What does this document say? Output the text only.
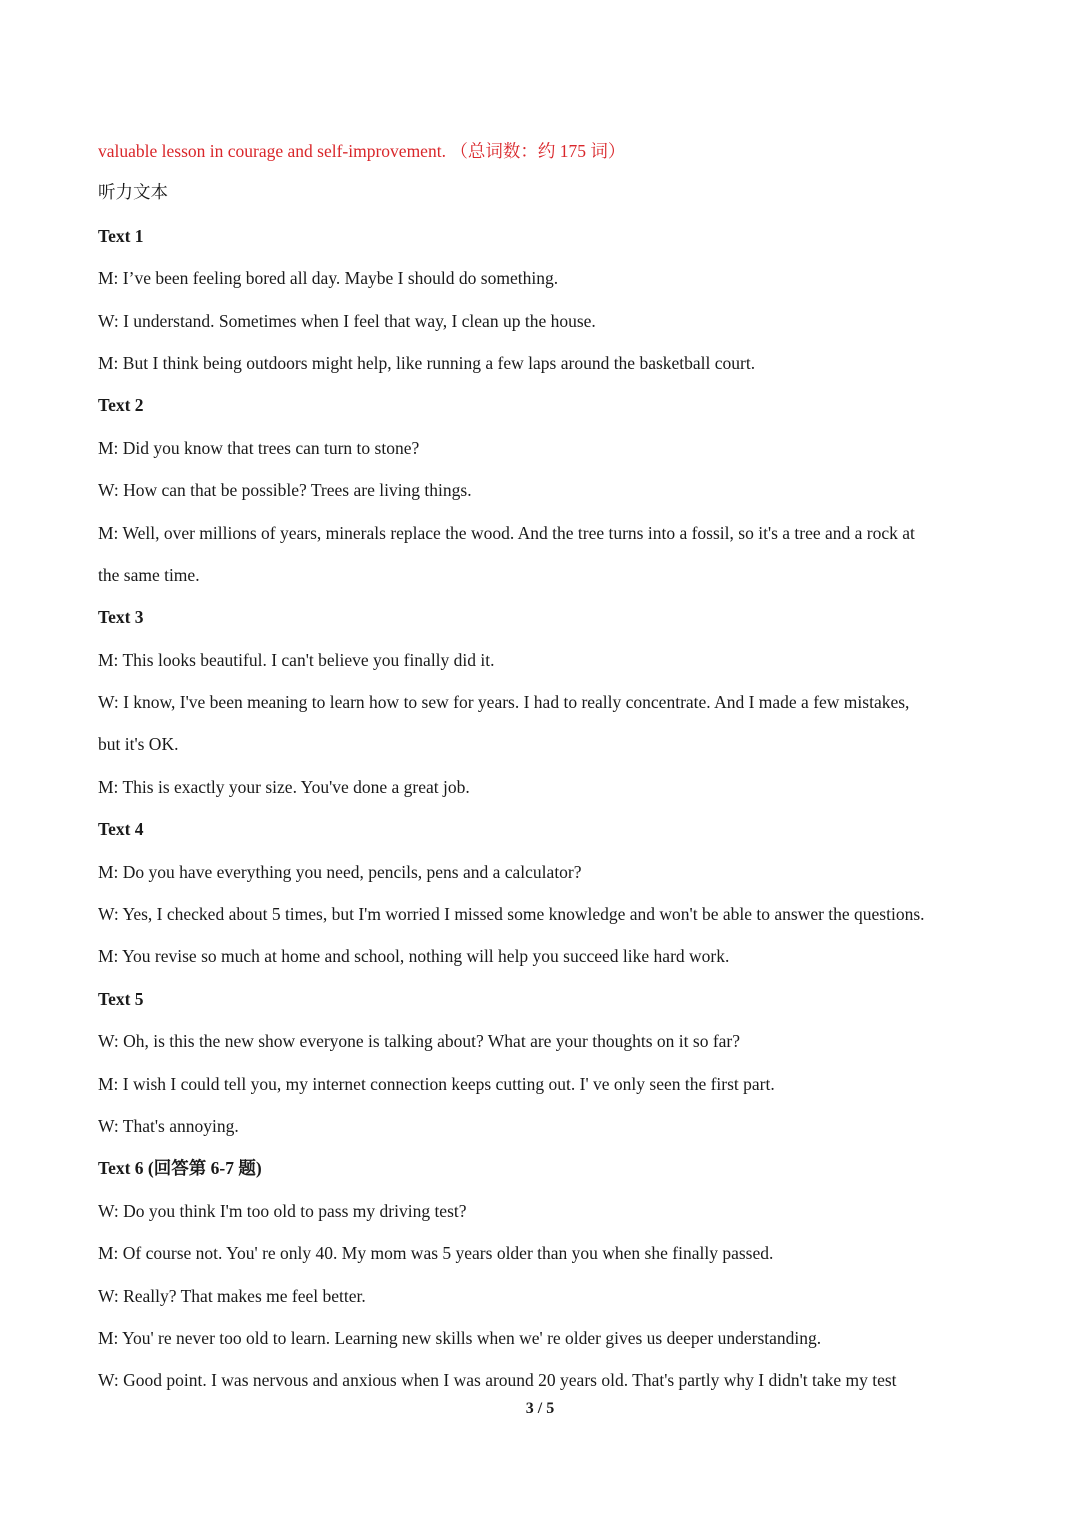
valuable lesson in courage and self-improvement. （总词数：约 175 词）
听力文本
Text 1
M: I’ve been feeling bored all day. Maybe I should do something.
W: I understand. Sometimes when I feel that way, I clean up the house.
M: But I think being outdoors might help, like running a few laps around the basketball court.
Text 2
M: Did you know that trees can turn to stone?
W: How can that be possible? Trees are living things.
M: Well, over millions of years, minerals replace the wood. And the tree turns into a fossil, so it's a tree and a rock at
the same time.
Text 3
M: This looks beautiful. I can't believe you finally did it.
W: I know, I've been meaning to learn how to sew for years. I had to really concentrate. And I made a few mistakes,
but it's OK.
M: This is exactly your size. You've done a great job.
Text 4
M: Do you have everything you need, pencils, pens and a calculator?
W: Yes, I checked about 5 times, but I'm worried I missed some knowledge and won't be able to answer the questions.
M: You revise so much at home and school, nothing will help you succeed like hard work.
Text 5
W: Oh, is this the new show everyone is talking about? What are your thoughts on it so far?
M: I wish I could tell you, my internet connection keeps cutting out. I' ve only seen the first part.
W: That's annoying.
Text 6 (回答第 6-7 题)
W: Do you think I'm too old to pass my driving test?
M: Of course not. You' re only 40. My mom was 5 years older than you when she finally passed.
W: Really? That makes me feel better.
M: You' re never too old to learn. Learning new skills when we' re older gives us deeper understanding.
W: Good point. I was nervous and anxious when I was around 20 years old. That's partly why I didn't take my test
3 / 5
